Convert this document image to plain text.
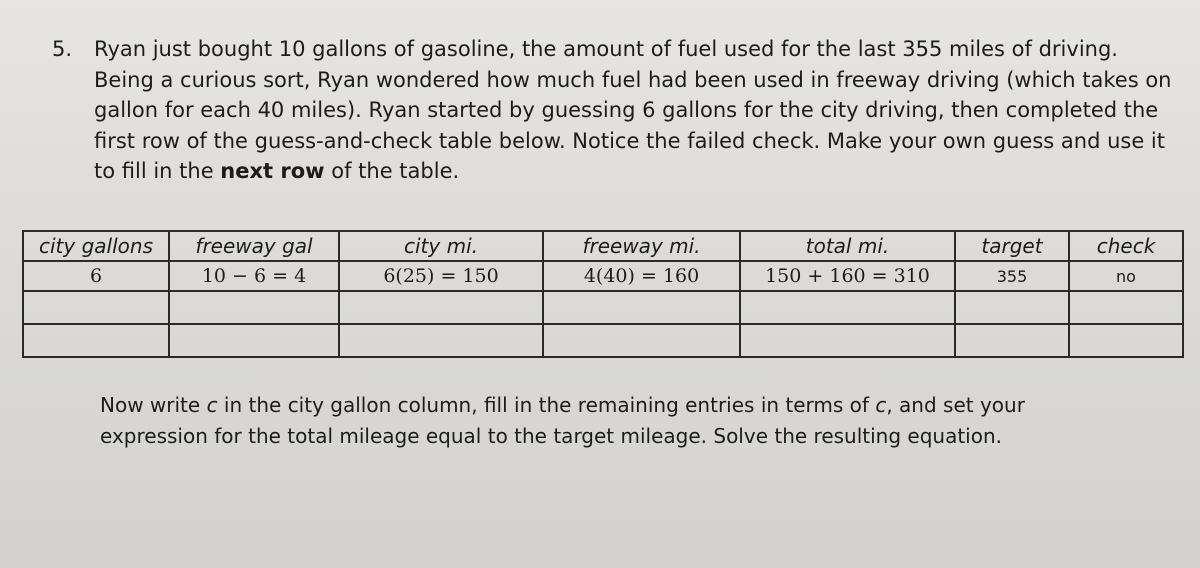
5. Ryan just bought 10 gallons of gasoline, the amount of fuel used for the last 355 miles of driving. Being a curious sort, Ryan wondered how much fuel had been used in freeway driving (which takes on gallon for each 40 miles). Ryan started by guessing 6 gallons for the city driving, then completed the first row of the guess-and-check table below. Notice the failed check. Make your own guess and use it to fill in the next row of the table.
city gallons	freeway gal	city mi.	freeway mi.	total mi.	target	check
6	10 − 6 = 4	6(25) = 150	4(40) = 160	150 + 160 = 310	355	no

Now write c in the city gallon column, fill in the remaining entries in terms of c, and set your expression for the total mileage equal to the target mileage. Solve the resulting equation.
